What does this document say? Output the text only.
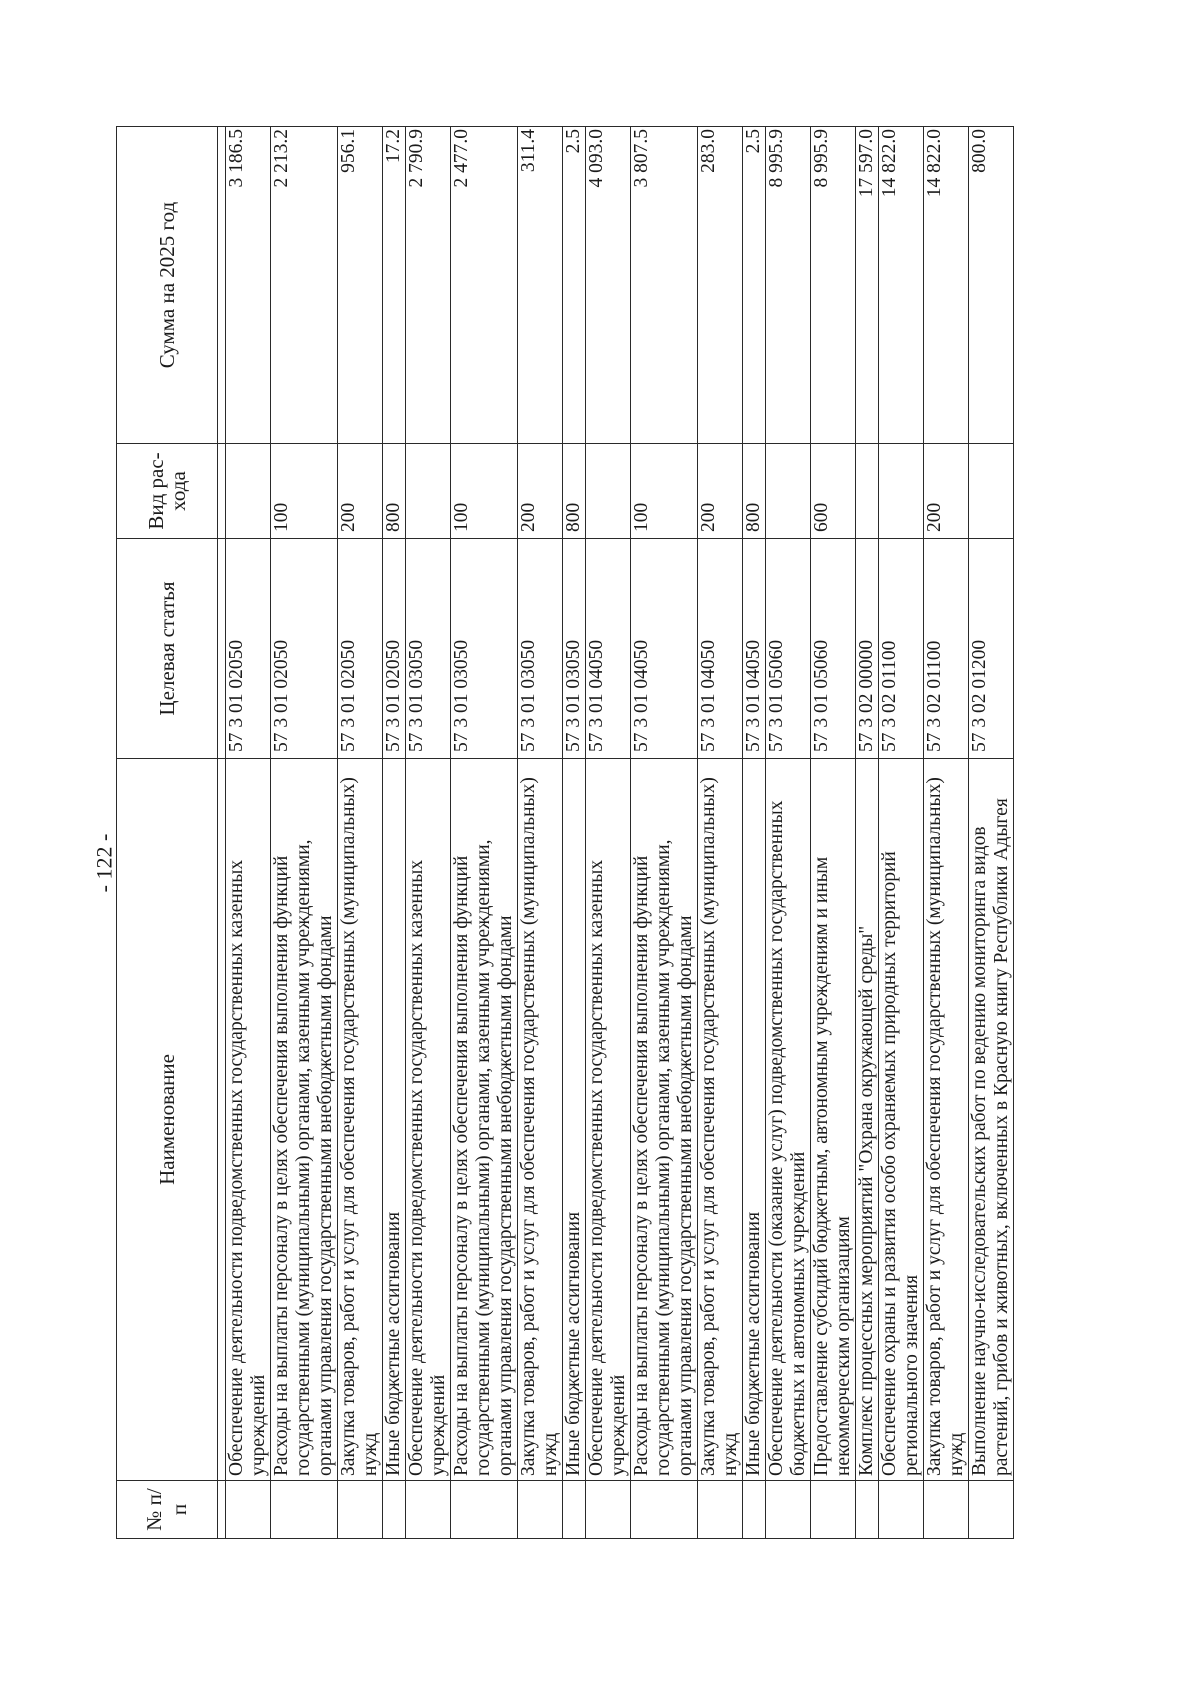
- 122 -
№ п/п	Наименование	Целевая статья	Вид рас-хода	Сумма на 2025 год

	Обеспечение деятельности подведомственных государственных казенных учреждений	57 3 01 02050		3 186.5
	Расходы на выплаты персоналу в целях обеспечения выполнения функций государственными (муниципальными) органами, казенными учреждениями, органами управления государственными внебюджетными фондами	57 3 01 02050	100	2 213.2
	Закупка товаров, работ и услуг для обеспечения государственных (муниципальных) нужд	57 3 01 02050	200	956.1
	Иные бюджетные ассигнования	57 3 01 02050	800	17.2
	Обеспечение деятельности подведомственных государственных казенных учреждений	57 3 01 03050		2 790.9
	Расходы на выплаты персоналу в целях обеспечения выполнения функций государственными (муниципальными) органами, казенными учреждениями, органами управления государственными внебюджетными фондами	57 3 01 03050	100	2 477.0
	Закупка товаров, работ и услуг для обеспечения государственных (муниципальных) нужд	57 3 01 03050	200	311.4
	Иные бюджетные ассигнования	57 3 01 03050	800	2.5
	Обеспечение деятельности подведомственных государственных казенных учреждений	57 3 01 04050		4 093.0
	Расходы на выплаты персоналу в целях обеспечения выполнения функций государственными (муниципальными) органами, казенными учреждениями, органами управления государственными внебюджетными фондами	57 3 01 04050	100	3 807.5
	Закупка товаров, работ и услуг для обеспечения государственных (муниципальных) нужд	57 3 01 04050	200	283.0
	Иные бюджетные ассигнования	57 3 01 04050	800	2.5
	Обеспечение деятельности (оказание услуг) подведомственных государственных бюджетных и автономных учреждений	57 3 01 05060		8 995.9
	Предоставление субсидий бюджетным, автономным учреждениям и иным некоммерческим организациям	57 3 01 05060	600	8 995.9
	Комплекс процессных мероприятий "Охрана окружающей среды"	57 3 02 00000		17 597.0
	Обеспечение охраны и развития особо охраняемых природных территорий регионального значения	57 3 02 01100		14 822.0
	Закупка товаров, работ и услуг для обеспечения государственных (муниципальных) нужд	57 3 02 01100	200	14 822.0
	Выполнение научно-исследовательских работ по ведению мониторинга видов растений, грибов и животных, включенных в Красную книгу Республики Адыгея	57 3 02 01200		800.0
